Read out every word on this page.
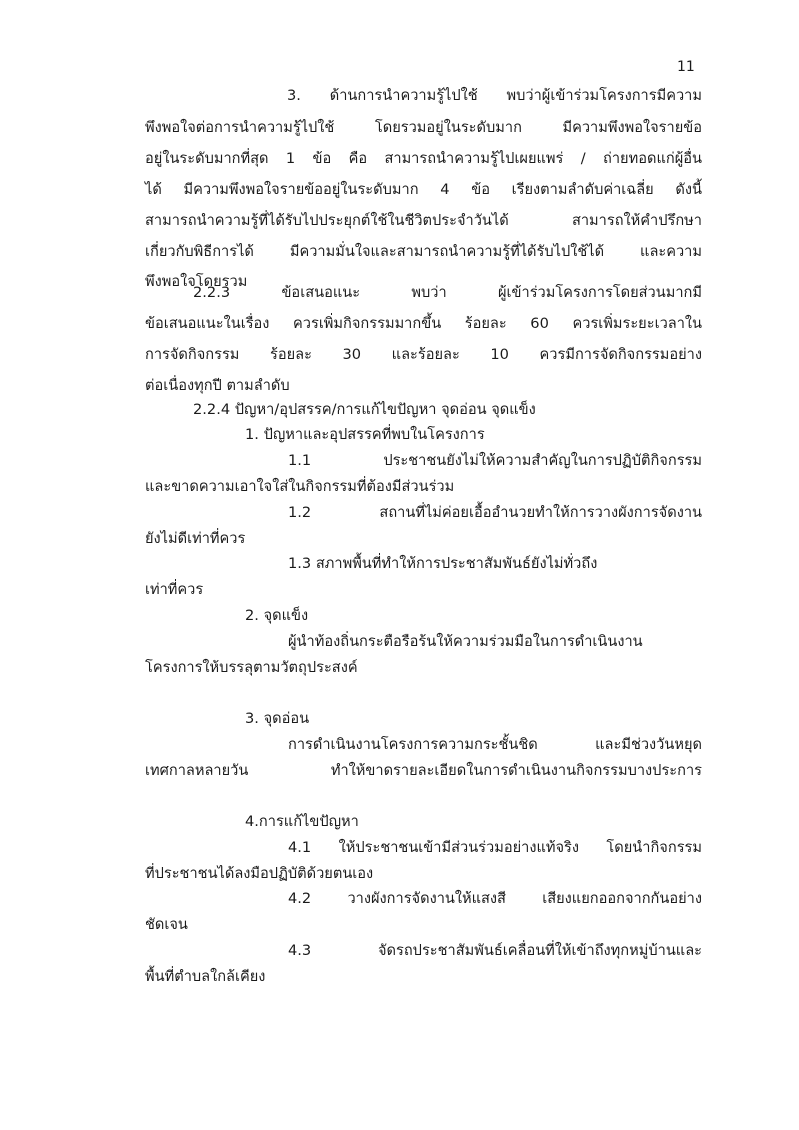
11
3. ด้านการนำความรู้ไปใช้ พบว่าผู้เข้าร่วมโครงการมีความ
พึงพอใจต่อการนำความรู้ไปใช้ โดยรวมอยู่ในระดับมาก มีความพึงพอใจรายข้อ
อยู่ในระดับมากที่สุด 1 ข้อ คือ สามารถนำความรู้ไปเผยแพร่ / ถ่ายทอดแก่ผู้อื่น
ได้ มีความพึงพอใจรายข้ออยู่ในระดับมาก 4 ข้อ เรียงตามลำดับค่าเฉลี่ย ดังนี้
สามารถนำความรู้ที่ได้รับไปประยุกต์ใช้ในชีวิตประจำวันได้ สามารถให้คำปรึกษา
เกี่ยวกับพิธีการได้ มีความมั่นใจและสามารถนำความรู้ที่ได้รับไปใช้ได้ และความ
พึงพอใจโดยรวม
2.2.3 ข้อเสนอแนะ พบว่า ผู้เข้าร่วมโครงการโดยส่วนมากมี
ข้อเสนอแนะในเรื่อง ควรเพิ่มกิจกรรมมากขึ้น ร้อยละ 60 ควรเพิ่มระยะเวลาใน
การจัดกิจกรรม ร้อยละ 30 และร้อยละ 10 ควรมีการจัดกิจกรรมอย่าง
ต่อเนื่องทุกปี ตามลำดับ
2.2.4 ปัญหา/อุปสรรค/การแก้ไขปัญหา จุดอ่อน จุดแข็ง
1. ปัญหาและอุปสรรคที่พบในโครงการ
1.1 ประชาชนยังไม่ให้ความสำคัญในการปฏิบัติกิจกรรม
และขาดความเอาใจใส่ในกิจกรรมที่ต้องมีส่วนร่วม
1.2 สถานที่ไม่ค่อยเอื้ออำนวยทำให้การวางผังการจัดงาน
ยังไม่ดีเท่าที่ควร
1.3 สภาพพื้นที่ทำให้การประชาสัมพันธ์ยังไม่ทั่วถึง
เท่าที่ควร
2. จุดแข็ง
ผู้นำท้องถิ่นกระตือรือร้นให้ความร่วมมือในการดำเนินงาน
โครงการให้บรรลุตามวัตถุประสงค์
3. จุดอ่อน
การดำเนินงานโครงการความกระชั้นชิด และมีช่วงวันหยุด
เทศกาลหลายวัน ทำให้ขาดรายละเอียดในการดำเนินงานกิจกรรมบางประการ
4.การแก้ไขปัญหา
4.1 ให้ประชาชนเข้ามีส่วนร่วมอย่างแท้จริง โดยนำกิจกรรม
ที่ประชาชนได้ลงมือปฏิบัติด้วยตนเอง
4.2 วางผังการจัดงานให้แสงสี เสียงแยกออกจากกันอย่าง
ชัดเจน
4.3 จัดรถประชาสัมพันธ์เคลื่อนที่ให้เข้าถึงทุกหมู่บ้านและ
พื้นที่ตำบลใกล้เคียง
